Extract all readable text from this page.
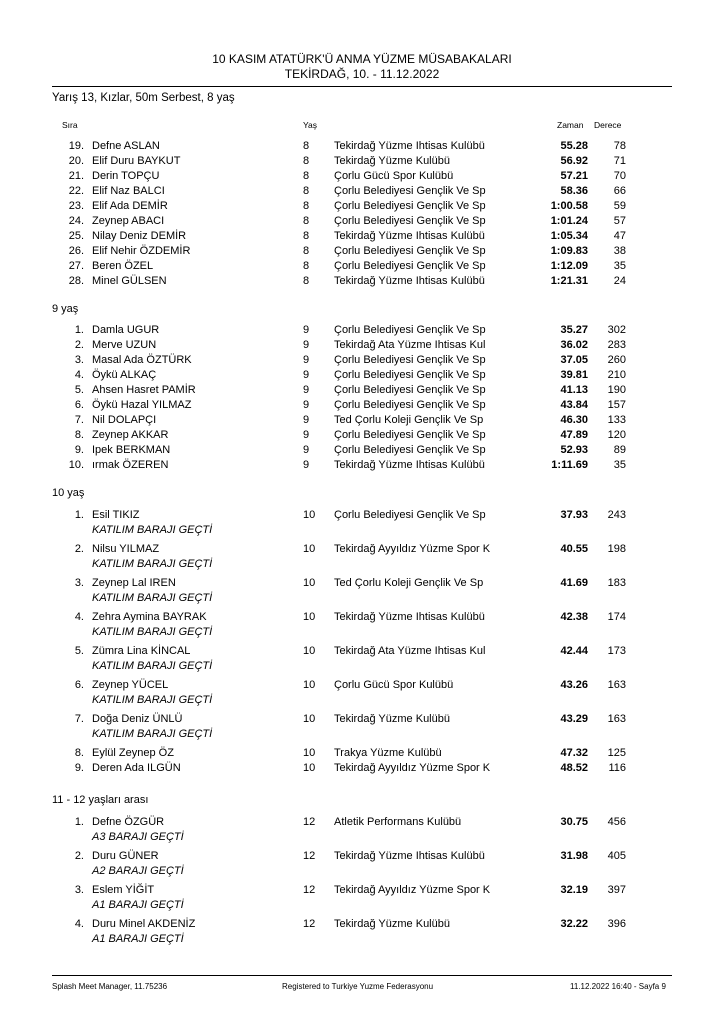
10 KASIM ATATÜRK'Ü ANMA YÜZME MÜSABAKALARI
TEKİRDAĞ, 10. - 11.12.2022
Yarış 13, Kızlar, 50m Serbest, 8 yaş
Sıra	Yaş	Zaman Derece
19. Defne ASLAN	8 Tekirdağ Yüzme Ihtisas Kulübü	55.28	78
20. Elif Duru BAYKUT	8 Tekirdağ Yüzme Kulübü	56.92	71
21. Derin TOPÇU	8 Çorlu Gücü Spor Kulübü	57.21	70
22. Elif Naz BALCI	8 Çorlu Belediyesi Gençlik Ve Sp	58.36	66
23. Elif Ada DEMİR	8 Çorlu Belediyesi Gençlik Ve Sp	1:00.58	59
24. Zeynep ABACI	8 Çorlu Belediyesi Gençlik Ve Sp	1:01.24	57
25. Nilay Deniz DEMİR	8 Tekirdağ Yüzme Ihtisas Kulübü	1:05.34	47
26. Elif Nehir ÖZDEMİR	8 Çorlu Belediyesi Gençlik Ve Sp	1:09.83	38
27. Beren ÖZEL	8 Çorlu Belediyesi Gençlik Ve Sp	1:12.09	35
28. Minel GÜLSEN	8 Tekirdağ Yüzme Ihtisas Kulübü	1:21.31	24
9 yaş
1. Damla UGUR	9 Çorlu Belediyesi Gençlik Ve Sp	35.27	302
2. Merve UZUN	9 Tekirdağ Ata Yüzme Ihtisas Kul	36.02	283
3. Masal Ada ÖZTÜRK	9 Çorlu Belediyesi Gençlik Ve Sp	37.05	260
4. Öykü ALKAÇ	9 Çorlu Belediyesi Gençlik Ve Sp	39.81	210
5. Ahsen Hasret PAMİR	9 Çorlu Belediyesi Gençlik Ve Sp	41.13	190
6. Öykü Hazal YILMAZ	9 Çorlu Belediyesi Gençlik Ve Sp	43.84	157
7. Nil DOLAPÇI	9 Ted Çorlu Koleji Gençlik Ve Sp	46.30	133
8. Zeynep AKKAR	9 Çorlu Belediyesi Gençlik Ve Sp	47.89	120
9. Ipek BERKMAN	9 Çorlu Belediyesi Gençlik Ve Sp	52.93	89
10. ırmak ÖZEREN	9 Tekirdağ Yüzme Ihtisas Kulübü	1:11.69	35
10 yaş
1. Esil TIKIZ	10 Çorlu Belediyesi Gençlik Ve Sp	37.93	243
KATILIM BARAJI GEÇTİ
2. Nilsu YILMAZ	10 Tekirdağ Ayyıldız Yüzme Spor K	40.55	198
KATILIM BARAJI GEÇTİ
3. Zeynep Lal IREN	10 Ted Çorlu Koleji Gençlik Ve Sp	41.69	183
KATILIM BARAJI GEÇTİ
4. Zehra Aymina BAYRAK	10 Tekirdağ Yüzme Ihtisas Kulübü	42.38	174
KATILIM BARAJI GEÇTİ
5. Zümra Lina KİNCAL	10 Tekirdağ Ata Yüzme Ihtisas Kul	42.44	173
KATILIM BARAJI GEÇTİ
6. Zeynep YÜCEL	10 Çorlu Gücü Spor Kulübü	43.26	163
KATILIM BARAJI GEÇTİ
7. Doğa Deniz ÜNLÜ	10 Tekirdağ Yüzme Kulübü	43.29	163
KATILIM BARAJI GEÇTİ
8. Eylül Zeynep ÖZ	10 Trakya Yüzme Kulübü	47.32	125
9. Deren Ada ILGÜN	10 Tekirdağ Ayyıldız Yüzme Spor K	48.52	116
11 - 12 yaşları arası
1. Defne ÖZGÜR	12 Atletik Performans Kulübü	30.75	456
A3 BARAJI GEÇTİ
2. Duru GÜNER	12 Tekirdağ Yüzme Ihtisas Kulübü	31.98	405
A2 BARAJI GEÇTİ
3. Eslem YİĞİT	12 Tekirdağ Ayyıldız Yüzme Spor K	32.19	397
A1 BARAJI GEÇTİ
4. Duru Minel AKDENİZ	12 Tekirdağ Yüzme Kulübü	32.22	396
A1 BARAJI GEÇTİ
Splash Meet Manager, 11.75236	Registered to Turkiye Yuzme Federasyonu	11.12.2022 16:40 - Sayfa 9
